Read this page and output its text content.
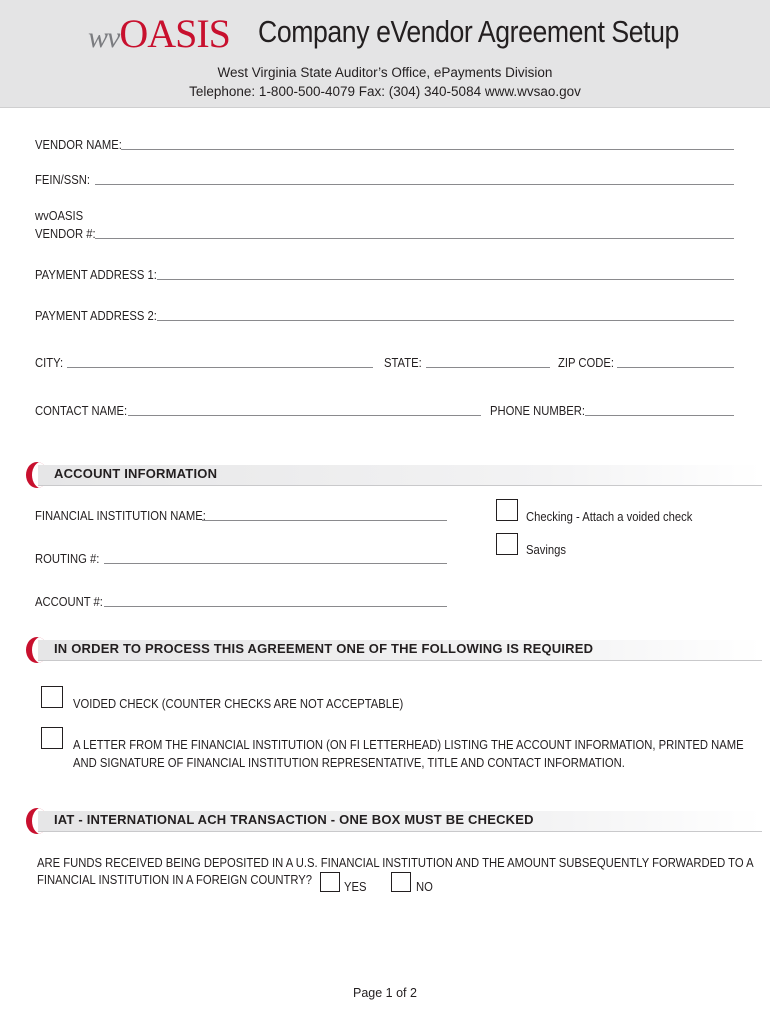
wvOASIS Company eVendor Agreement Setup
West Virginia State Auditor’s Office, ePayments Division
Telephone: 1-800-500-4079 Fax: (304) 340-5084 www.wvsao.gov
VENDOR NAME:
FEIN/SSN:
wvOASIS
VENDOR #:
PAYMENT ADDRESS 1:
PAYMENT ADDRESS 2:
CITY:	STATE:	ZIP CODE:
CONTACT NAME:	PHONE NUMBER:
ACCOUNT INFORMATION
FINANCIAL INSTITUTION NAME:	Checking - Attach a voided check
Savings
ROUTING #:
ACCOUNT #:
IN ORDER TO PROCESS THIS AGREEMENT ONE OF THE FOLLOWING IS REQUIRED
VOIDED CHECK (COUNTER CHECKS ARE NOT ACCEPTABLE)
A LETTER FROM THE FINANCIAL INSTITUTION (ON FI LETTERHEAD) LISTING THE ACCOUNT INFORMATION, PRINTED NAME
AND SIGNATURE OF FINANCIAL INSTITUTION REPRESENTATIVE, TITLE AND CONTACT INFORMATION.
IAT - INTERNATIONAL ACH TRANSACTION - ONE BOX MUST BE CHECKED
ARE FUNDS RECEIVED BEING DEPOSITED IN A U.S. FINANCIAL INSTITUTION AND THE AMOUNT SUBSEQUENTLY FORWARDED TO A
FINANCIAL INSTITUTION IN A FOREIGN COUNTRY?	YES	NO
Page 1 of 2
